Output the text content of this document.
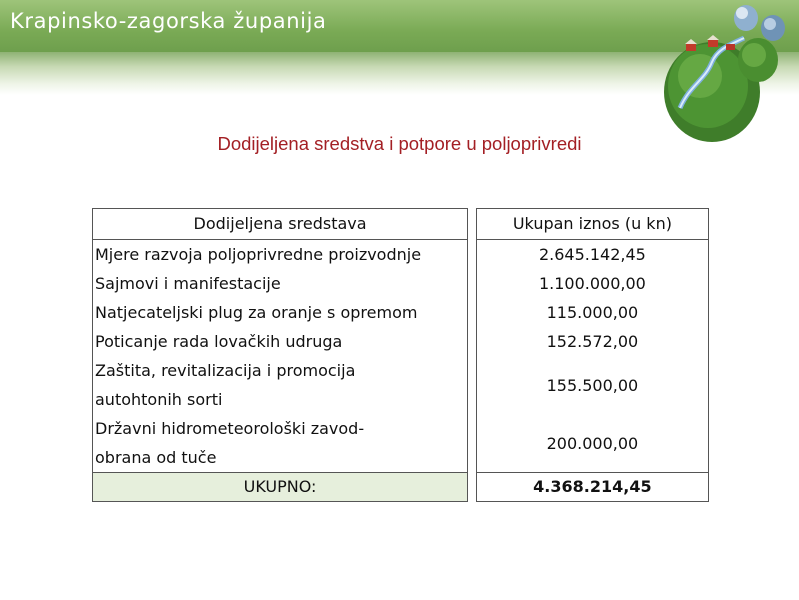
Krapinsko-zagorska županija
Dodijeljena sredstva i potpore u poljoprivredi
Dodijeljena sredstava		Ukupan iznos (u kn)
Mjere razvoja poljoprivredne proizvodnje		2.645.142,45
Sajmovi i manifestacije		1.100.000,00
Natjecateljski plug za oranje s opremom		115.000,00
Poticanje rada lovačkih udruga		152.572,00
Zaštita, revitalizacija i promocija
autohtonih sorti		155.500,00
Državni hidrometeorološki zavod-
obrana od tuče		200.000,00
UKUPNO:		4.368.214,45
